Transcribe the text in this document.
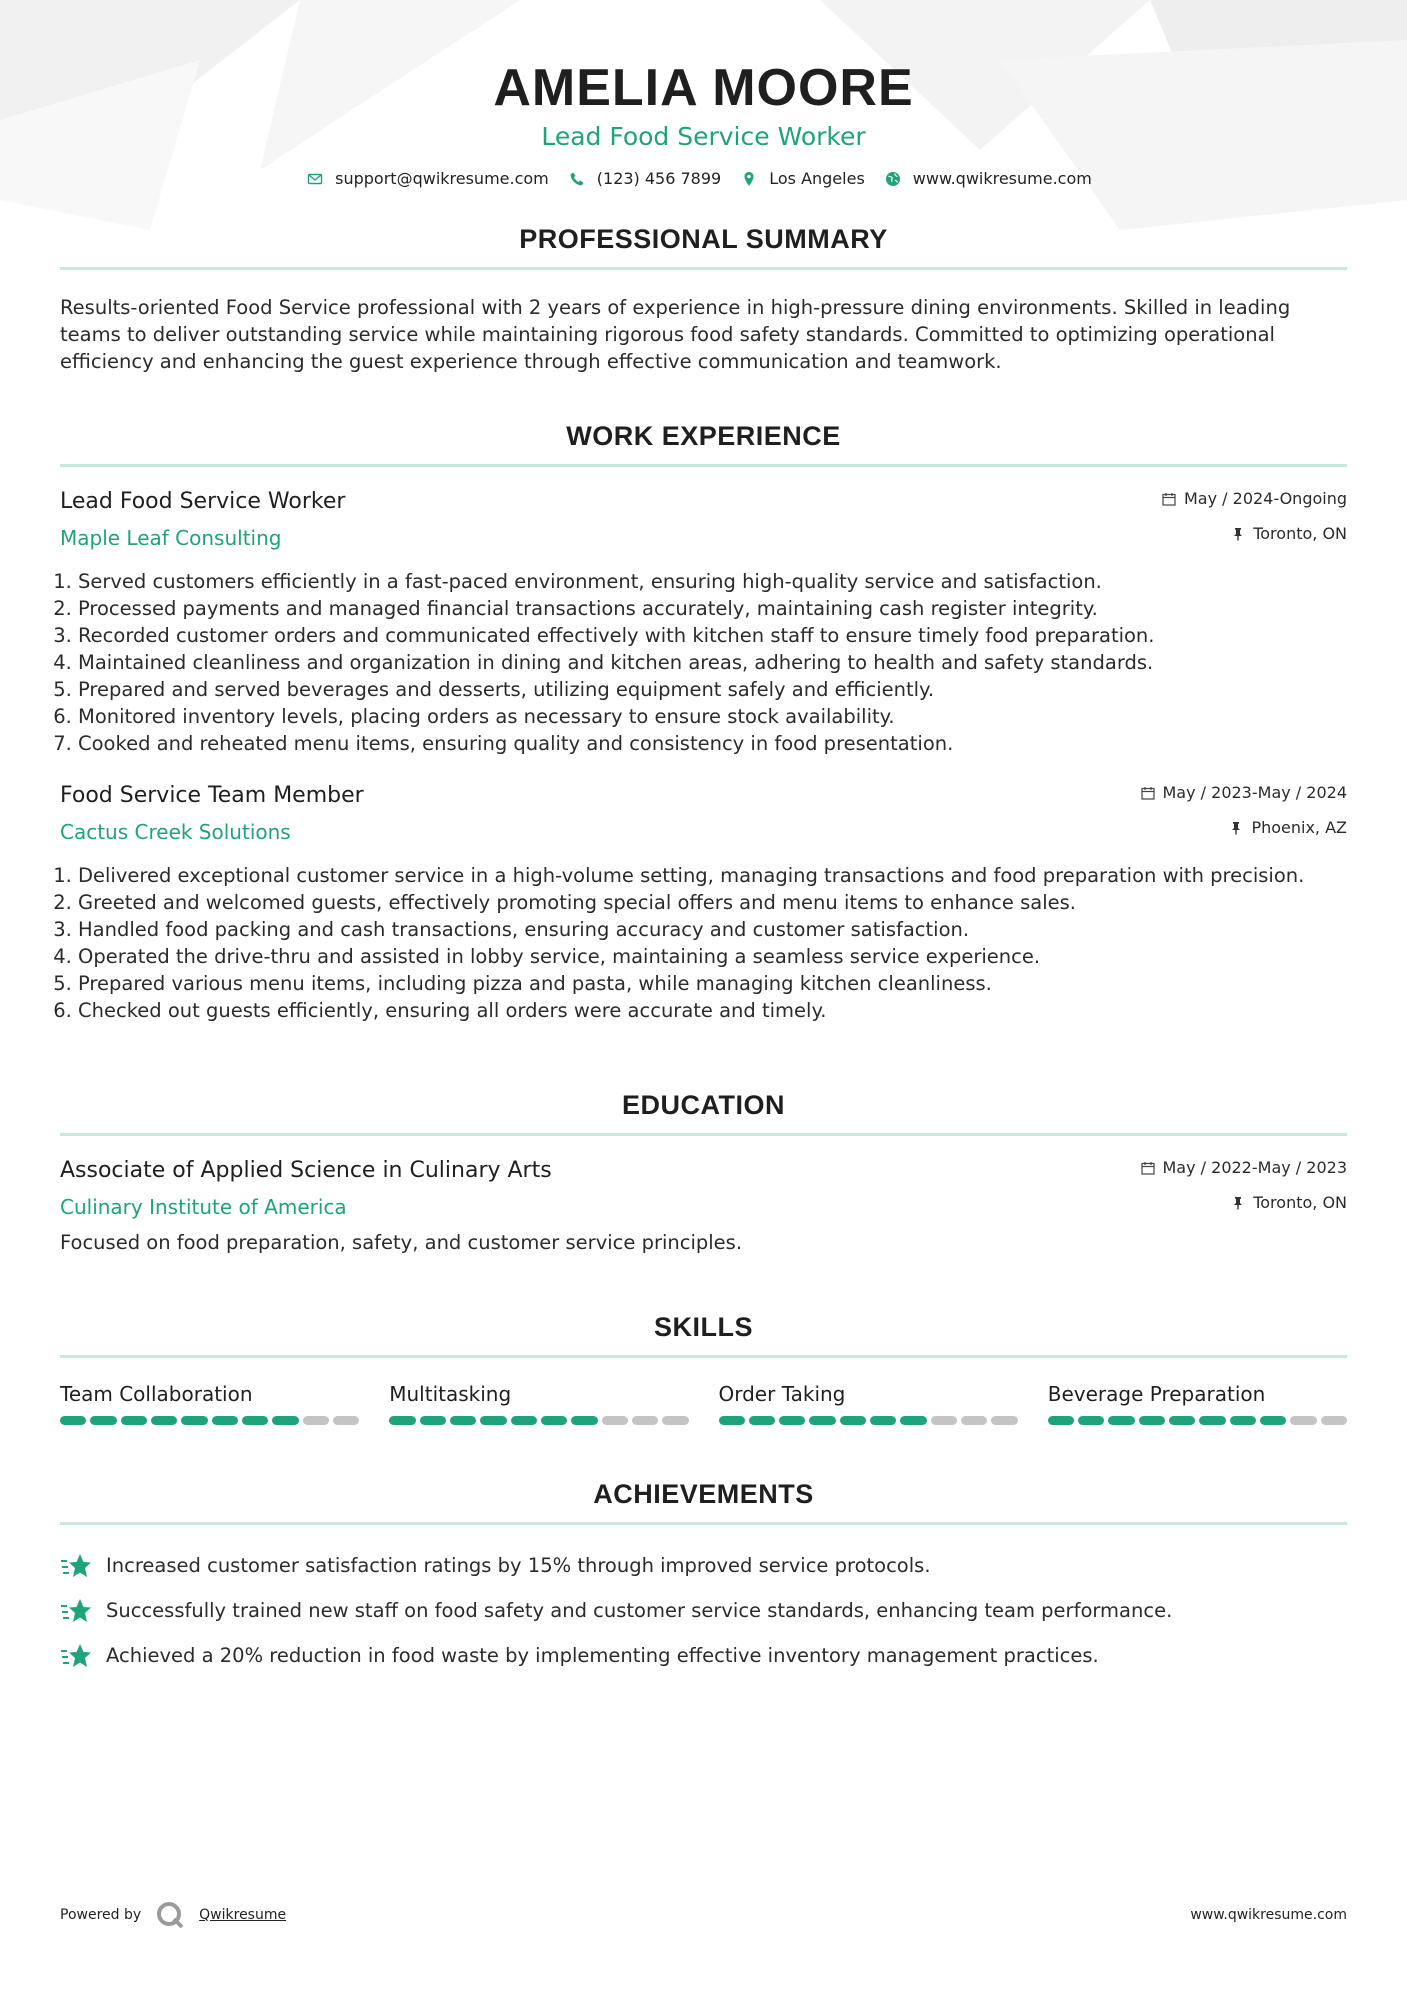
AMELIA MOORE
Lead Food Service Worker
support@qwikresume.com	(123) 456 7899	Los Angeles	www.qwikresume.com
PROFESSIONAL SUMMARY

Results-oriented Food Service professional with 2 years of experience in high-pressure dining environments. Skilled in leading teams to deliver outstanding service while maintaining rigorous food safety standards. Committed to optimizing operational efficiency and enhancing the guest experience through effective communication and teamwork.

WORK EXPERIENCE
Lead Food Service Worker
Maple Leaf Consulting
May / 2024-Ongoing
Toronto, ON
1. Served customers efficiently in a fast-paced environment, ensuring high-quality service and satisfaction.
2. Processed payments and managed financial transactions accurately, maintaining cash register integrity.
3. Recorded customer orders and communicated effectively with kitchen staff to ensure timely food preparation.
4. Maintained cleanliness and organization in dining and kitchen areas, adhering to health and safety standards.
5. Prepared and served beverages and desserts, utilizing equipment safely and efficiently.
6. Monitored inventory levels, placing orders as necessary to ensure stock availability.
7. Cooked and reheated menu items, ensuring quality and consistency in food presentation.
Food Service Team Member
Cactus Creek Solutions
May / 2023-May / 2024
Phoenix, AZ
1. Delivered exceptional customer service in a high-volume setting, managing transactions and food preparation with precision.
2. Greeted and welcomed guests, effectively promoting special offers and menu items to enhance sales.
3. Handled food packing and cash transactions, ensuring accuracy and customer satisfaction.
4. Operated the drive-thru and assisted in lobby service, maintaining a seamless service experience.
5. Prepared various menu items, including pizza and pasta, while managing kitchen cleanliness.
6. Checked out guests efficiently, ensuring all orders were accurate and timely.
EDUCATION
Associate of Applied Science in Culinary Arts
Culinary Institute of America
May / 2022-May / 2023
Toronto, ON

Focused on food preparation, safety, and customer service principles.

SKILLS
Team Collaboration	Multitasking	Order Taking	Beverage Preparation
ACHIEVEMENTS
Increased customer satisfaction ratings by 15% through improved service protocols.
Successfully trained new staff on food safety and customer service standards, enhancing team performance.
Achieved a 20% reduction in food waste by implementing effective inventory management practices.
Powered by	Qwikresume	www.qwikresume.com
